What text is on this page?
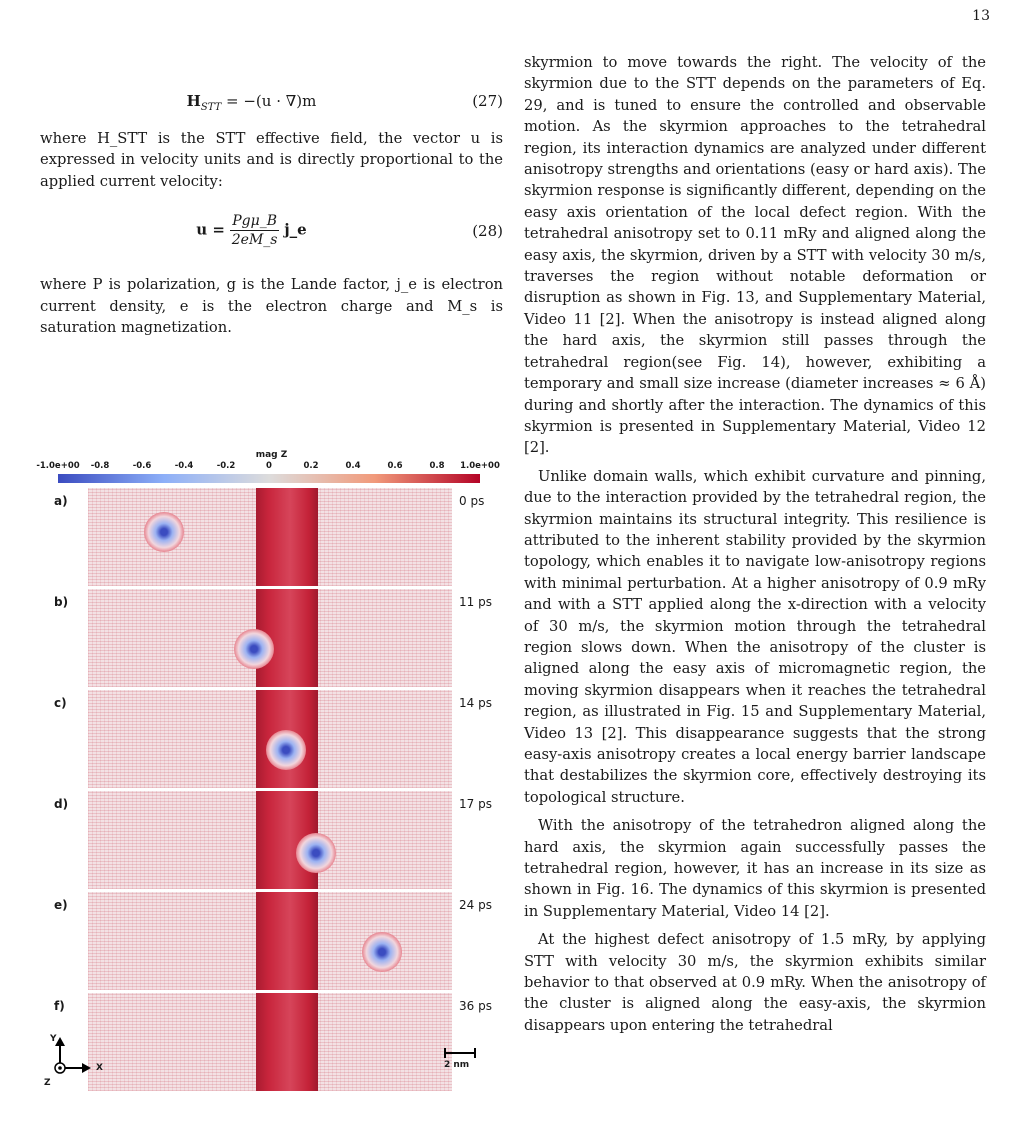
13
$H_{STT} = -(u \cdot \nabla)m$	(27)

where H_STT is the STT effective field, the vector u is expressed in velocity units and is directly proportional to the applied current velocity:

$u = \frac{\text{Pgμ\_B}}{2eM\_s}$ j_e	(28)

where P is polarization, g is the Lande factor, j_e is electron current density, e is the electron charge and M_s is saturation magnetization.

mag Z
-1.0e+00 -0.8	-0.6	-0.4	-0.2	0	0.2	0.4	0.6	0.8 1.0e+00
a)	0 ps
b)	11 ps
c)	14 ps
d)	17 ps
e)	24 ps
f)	36 ps
Y
X
Z
2 nm

skyrmion to move towards the right. The velocity of the skyrmion due to the STT depends on the parameters of Eq. 29, and is tuned to ensure the controlled and observable motion. As the skyrmion approaches to the tetrahedral region, its interaction dynamics are analyzed under different anisotropy strengths and orientations (easy or hard axis). The skyrmion response is significantly different, depending on the easy axis orientation of the local defect region. With the tetrahedral anisotropy set to 0.11 mRy and aligned along the easy axis, the skyrmion, driven by a STT with velocity 30 m/s, traverses the region without notable deformation or disruption as shown in Fig. 13, and Supplementary Material, Video 11 [2]. When the anisotropy is instead aligned along the hard axis, the skyrmion still passes through the tetrahedral region(see Fig. 14), however, exhibiting a temporary and small size increase (diameter increases ≈ 6 Å) during and shortly after the interaction. The dynamics of this skyrmion is presented in Supplementary Material, Video 12 [2].

Unlike domain walls, which exhibit curvature and pinning, due to the interaction provided by the tetrahedral region, the skyrmion maintains its structural integrity. This resilience is attributed to the inherent stability provided by the skyrmion topology, which enables it to navigate low-anisotropy regions with minimal perturbation. At a higher anisotropy of 0.9 mRy and with a STT applied along the x-direction with a velocity of 30 m/s, the skyrmion motion through the tetrahedral region slows down. When the anisotropy of the cluster is aligned along the easy axis of micromagnetic region, the moving skyrmion disappears when it reaches the tetrahedral region, as illustrated in Fig. 15 and Supplementary Material, Video 13 [2]. This disappearance suggests that the strong easy-axis anisotropy creates a local energy barrier landscape that destabilizes the skyrmion core, effectively destroying its topological structure.

With the anisotropy of the tetrahedron aligned along the hard axis, the skyrmion again successfully passes the tetrahedral region, however, it has an increase in its size as shown in Fig. 16. The dynamics of this skyrmion is presented in Supplementary Material, Video 14 [2].

At the highest defect anisotropy of 1.5 mRy, by applying STT with velocity 30 m/s, the skyrmion exhibits similar behavior to that observed at 0.9 mRy. When the anisotropy of the cluster is aligned along the easy-axis, the skyrmion disappears upon entering the tetrahedral
